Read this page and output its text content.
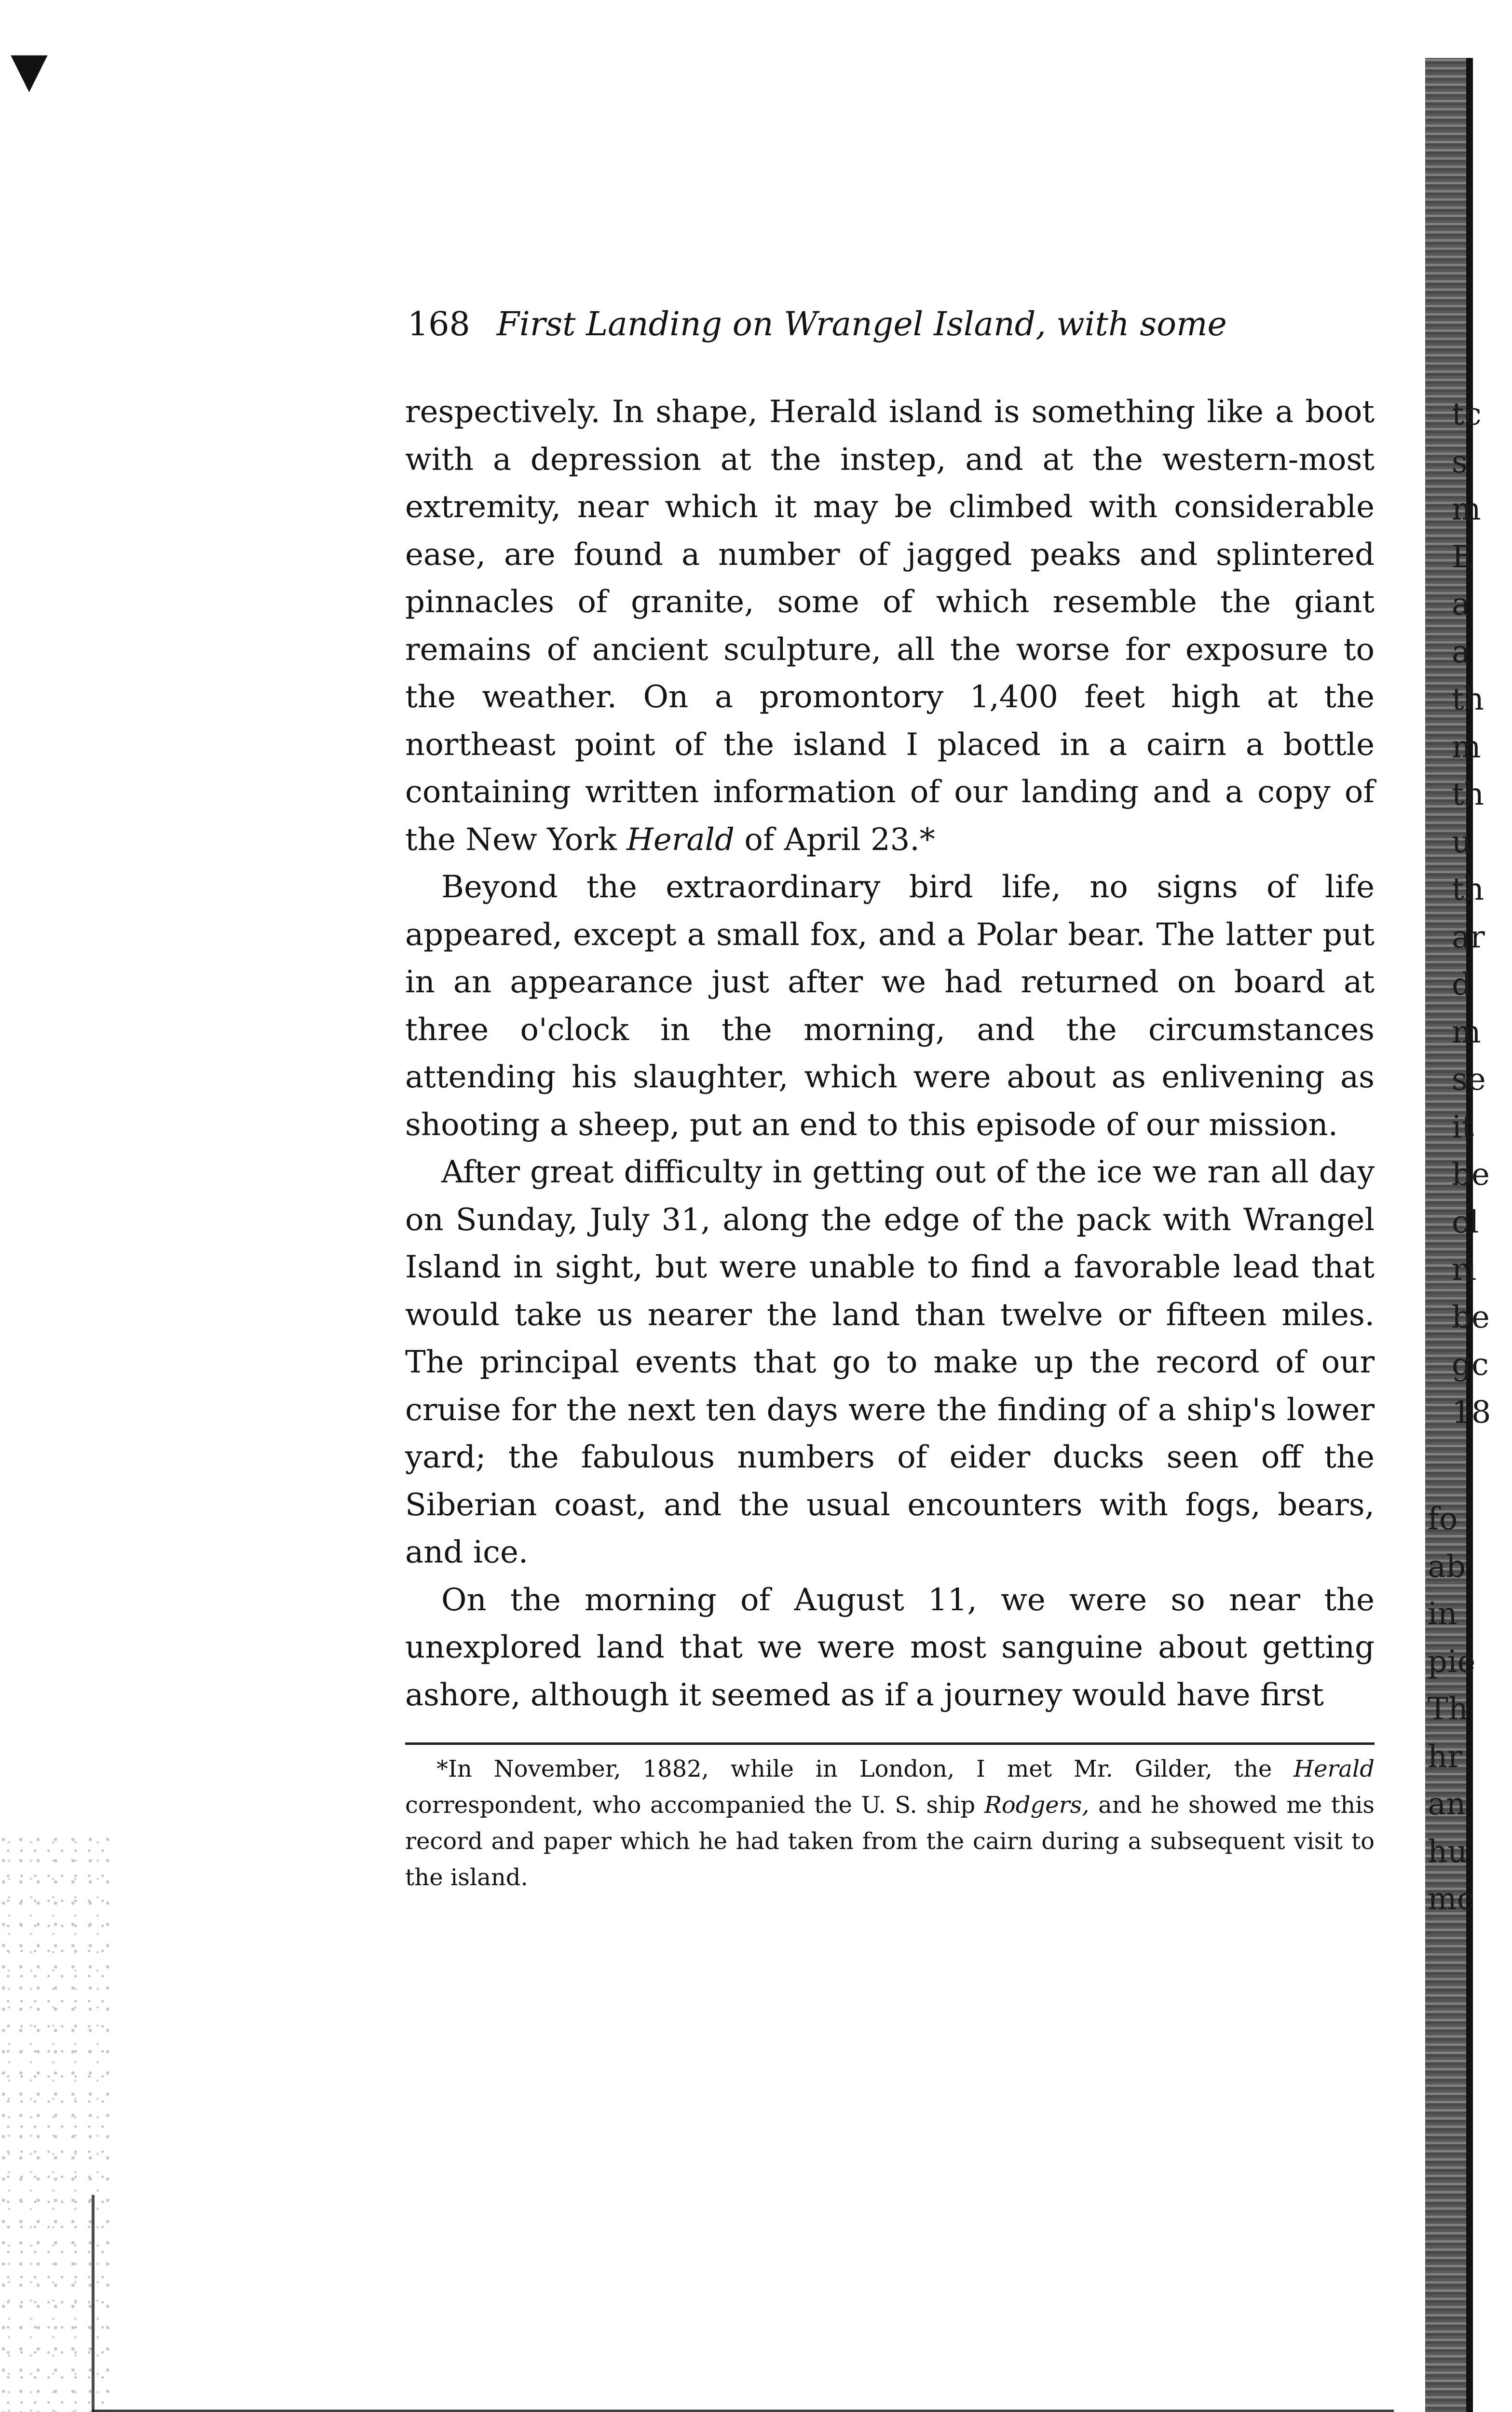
▼
168 First Landing on Wrangel Island, with some

respectively. In shape, Herald island is something like a boot with a depression at the instep, and at the western-most extremity, near which it may be climbed with considerable ease, are found a number of jagged peaks and splintered pinnacles of granite, some of which resemble the giant remains of ancient sculpture, all the worse for exposure to the weather. On a promontory 1,400 feet high at the northeast point of the island I placed in a cairn a bottle containing written information of our landing and a copy of the New York Herald of April 23.*

Beyond the extraordinary bird life, no signs of life appeared, except a small fox, and a Polar bear. The latter put in an appearance just after we had returned on board at three o'clock in the morning, and the circumstances attending his slaughter, which were about as enlivening as shooting a sheep, put an end to this episode of our mission.

After great difficulty in getting out of the ice we ran all day on Sunday, July 31, along the edge of the pack with Wrangel Island in sight, but were unable to find a favorable lead that would take us nearer the land than twelve or fifteen miles. The principal events that go to make up the record of our cruise for the next ten days were the finding of a ship's lower yard; the fabulous numbers of eider ducks seen off the Siberian coast, and the usual encounters with fogs, bears, and ice.

On the morning of August 11, we were so near the unexplored land that we were most sanguine about getting ashore, although it seemed as if a journey would have first

*In November, 1882, while in London, I met Mr. Gilder, the Herald correspondent, who accompanied the U. S. ship Rodgers, and he showed me this record and paper which he had taken from the cairn during a subsequent visit to the island.

tc
s
m
E
a
a
th
m
th
u
th
ar
d
m
se
it
be
cl
ri
be
gc
18
fo
ab
in
pie
Th
hr
an
hu
mc
